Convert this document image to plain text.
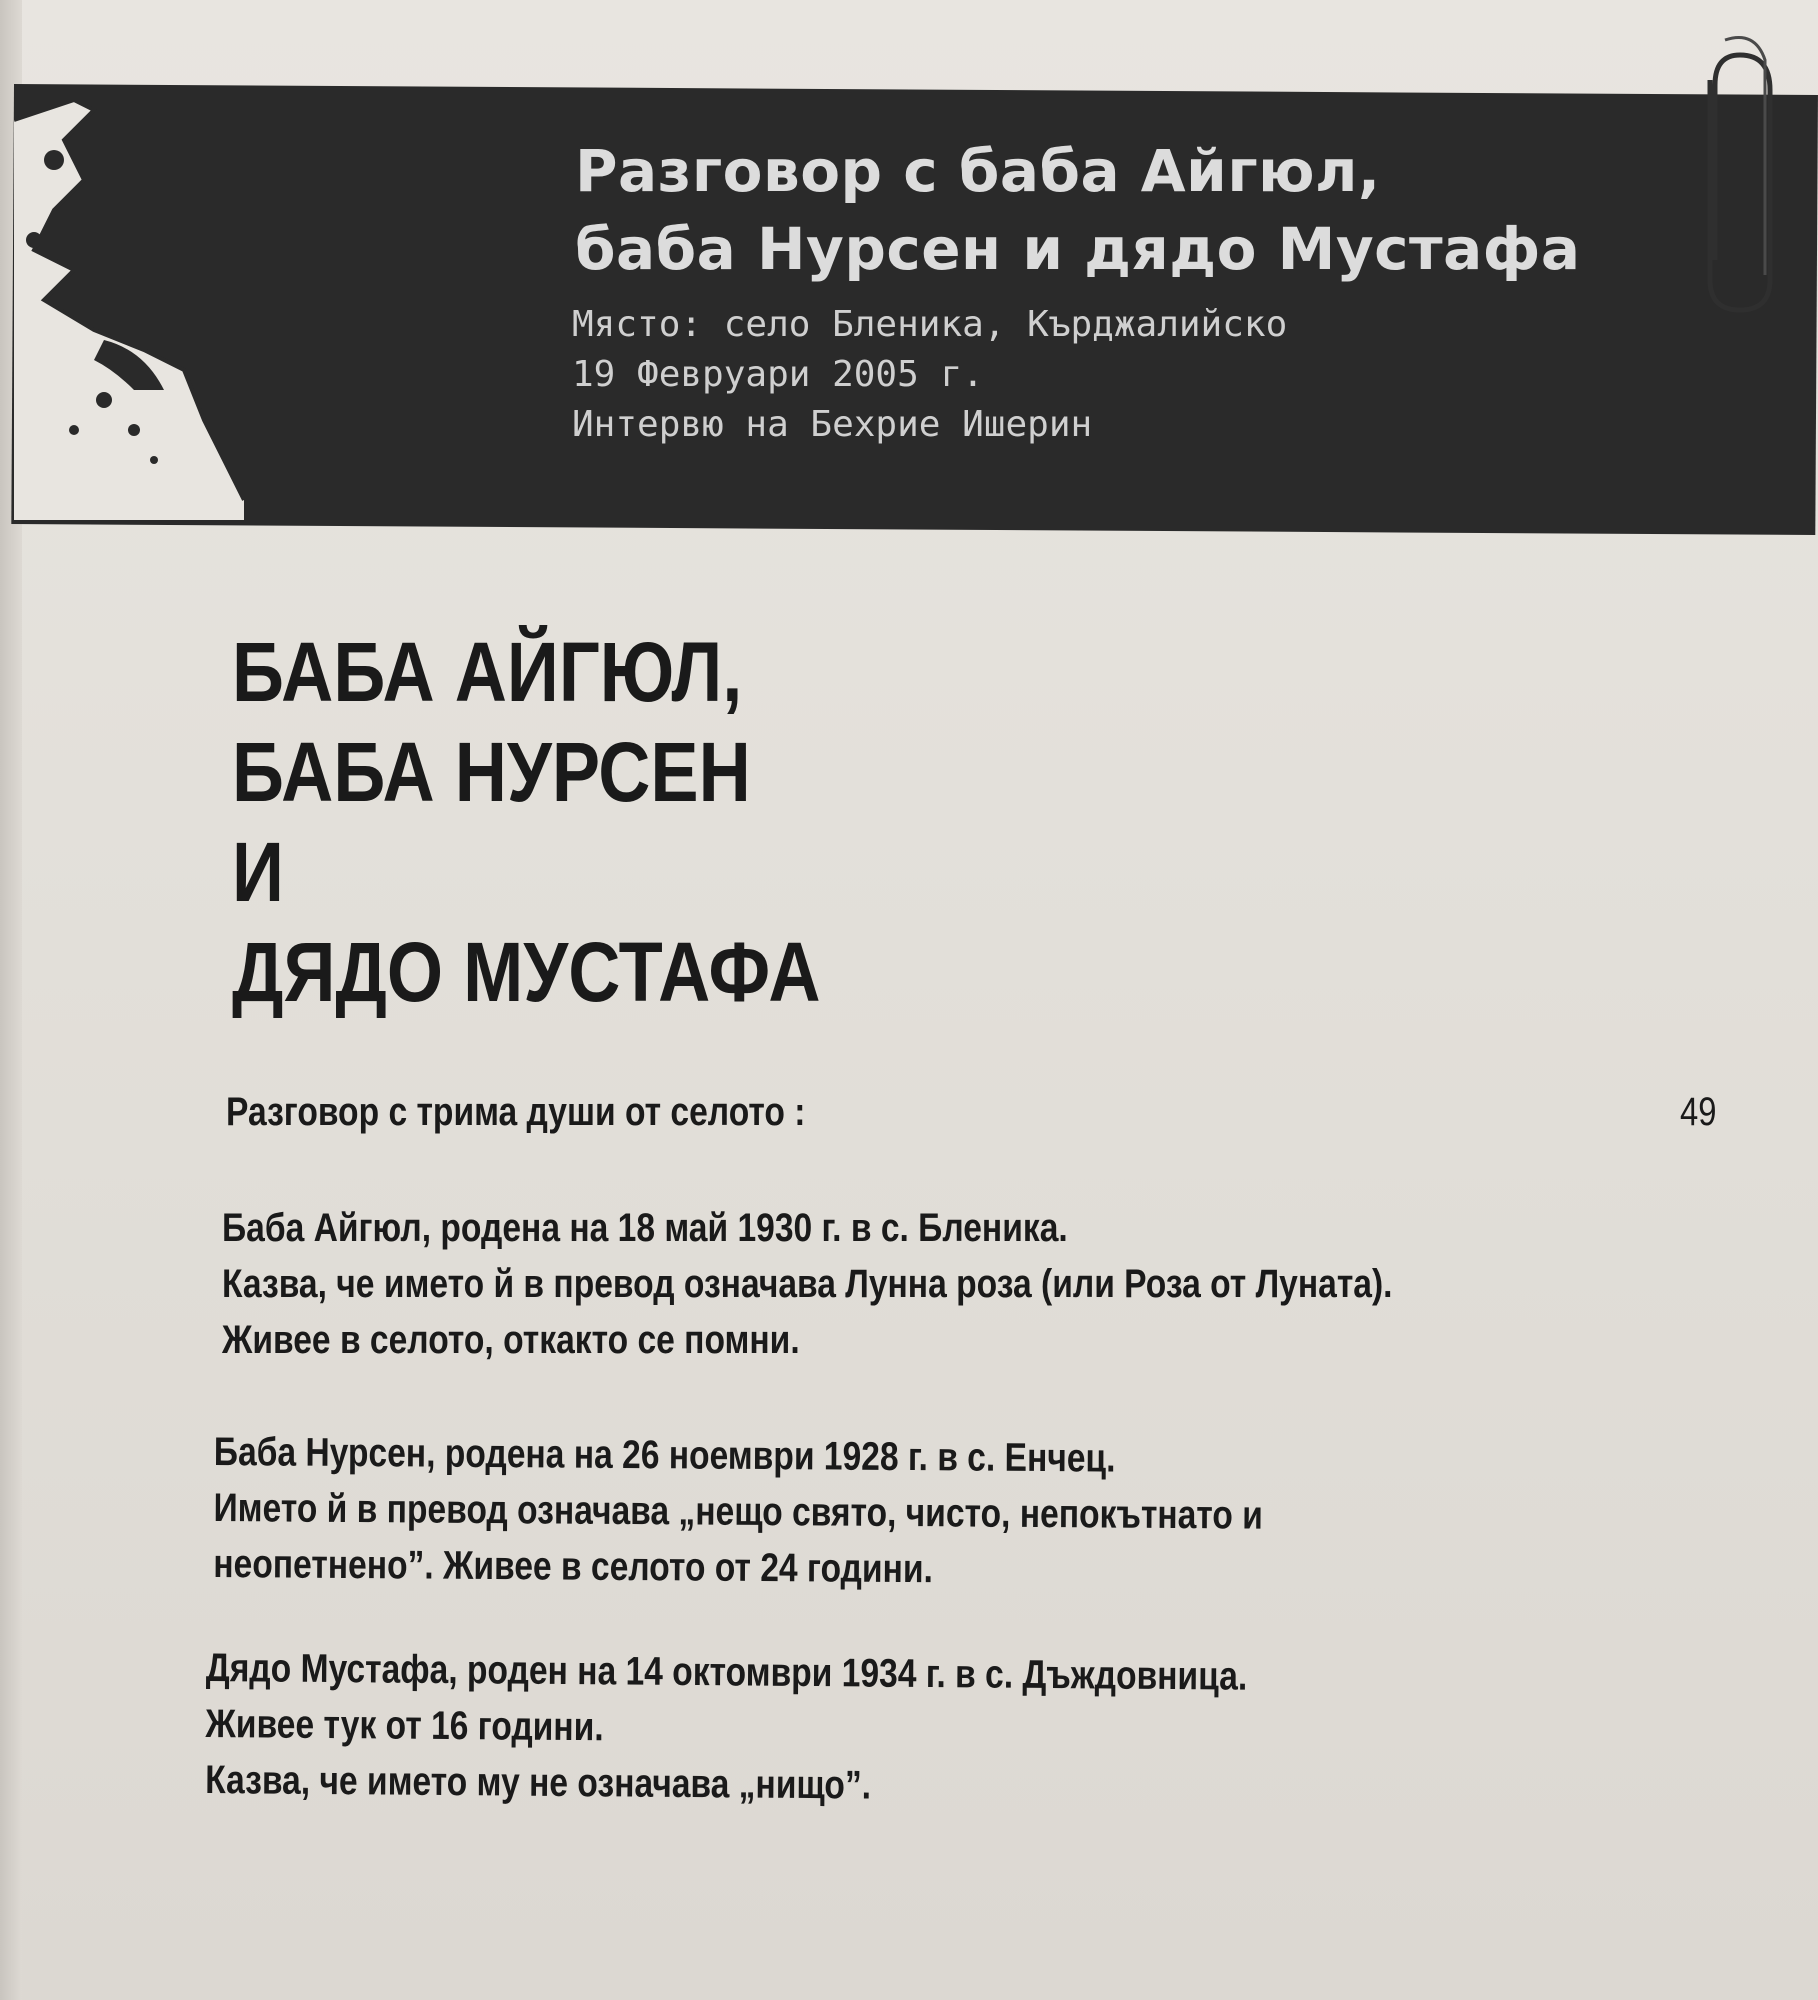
Разговор с баба Айгюл,
баба Нурсен и дядо Мустафа
Място: село Бленика, Кърджалийско
19 Февруари 2005 г.
Интервю на Бехрие Ишерин
БАБА АЙГЮЛ,
БАБА НУРСЕН
И
ДЯДО МУСТАФА
Разговор с трима души от селото :	49
Баба Айгюл, родена на 18 май 1930 г. в с. Бленика.
Казва, че името й в превод означава Лунна роза (или Роза от Луната).
Живее в селото, откакто се помни.
Баба Нурсен, родена на 26 ноември 1928 г. в с. Енчец.
Името й в превод означава „нещо свято, чисто, непокътнато и
неопетнено”. Живее в селото от 24 години.
Дядо Мустафа, роден на 14 октомври 1934 г. в с. Дъждовница.
Живее тук от 16 години.
Казва, че името му не означава „нищо”.
